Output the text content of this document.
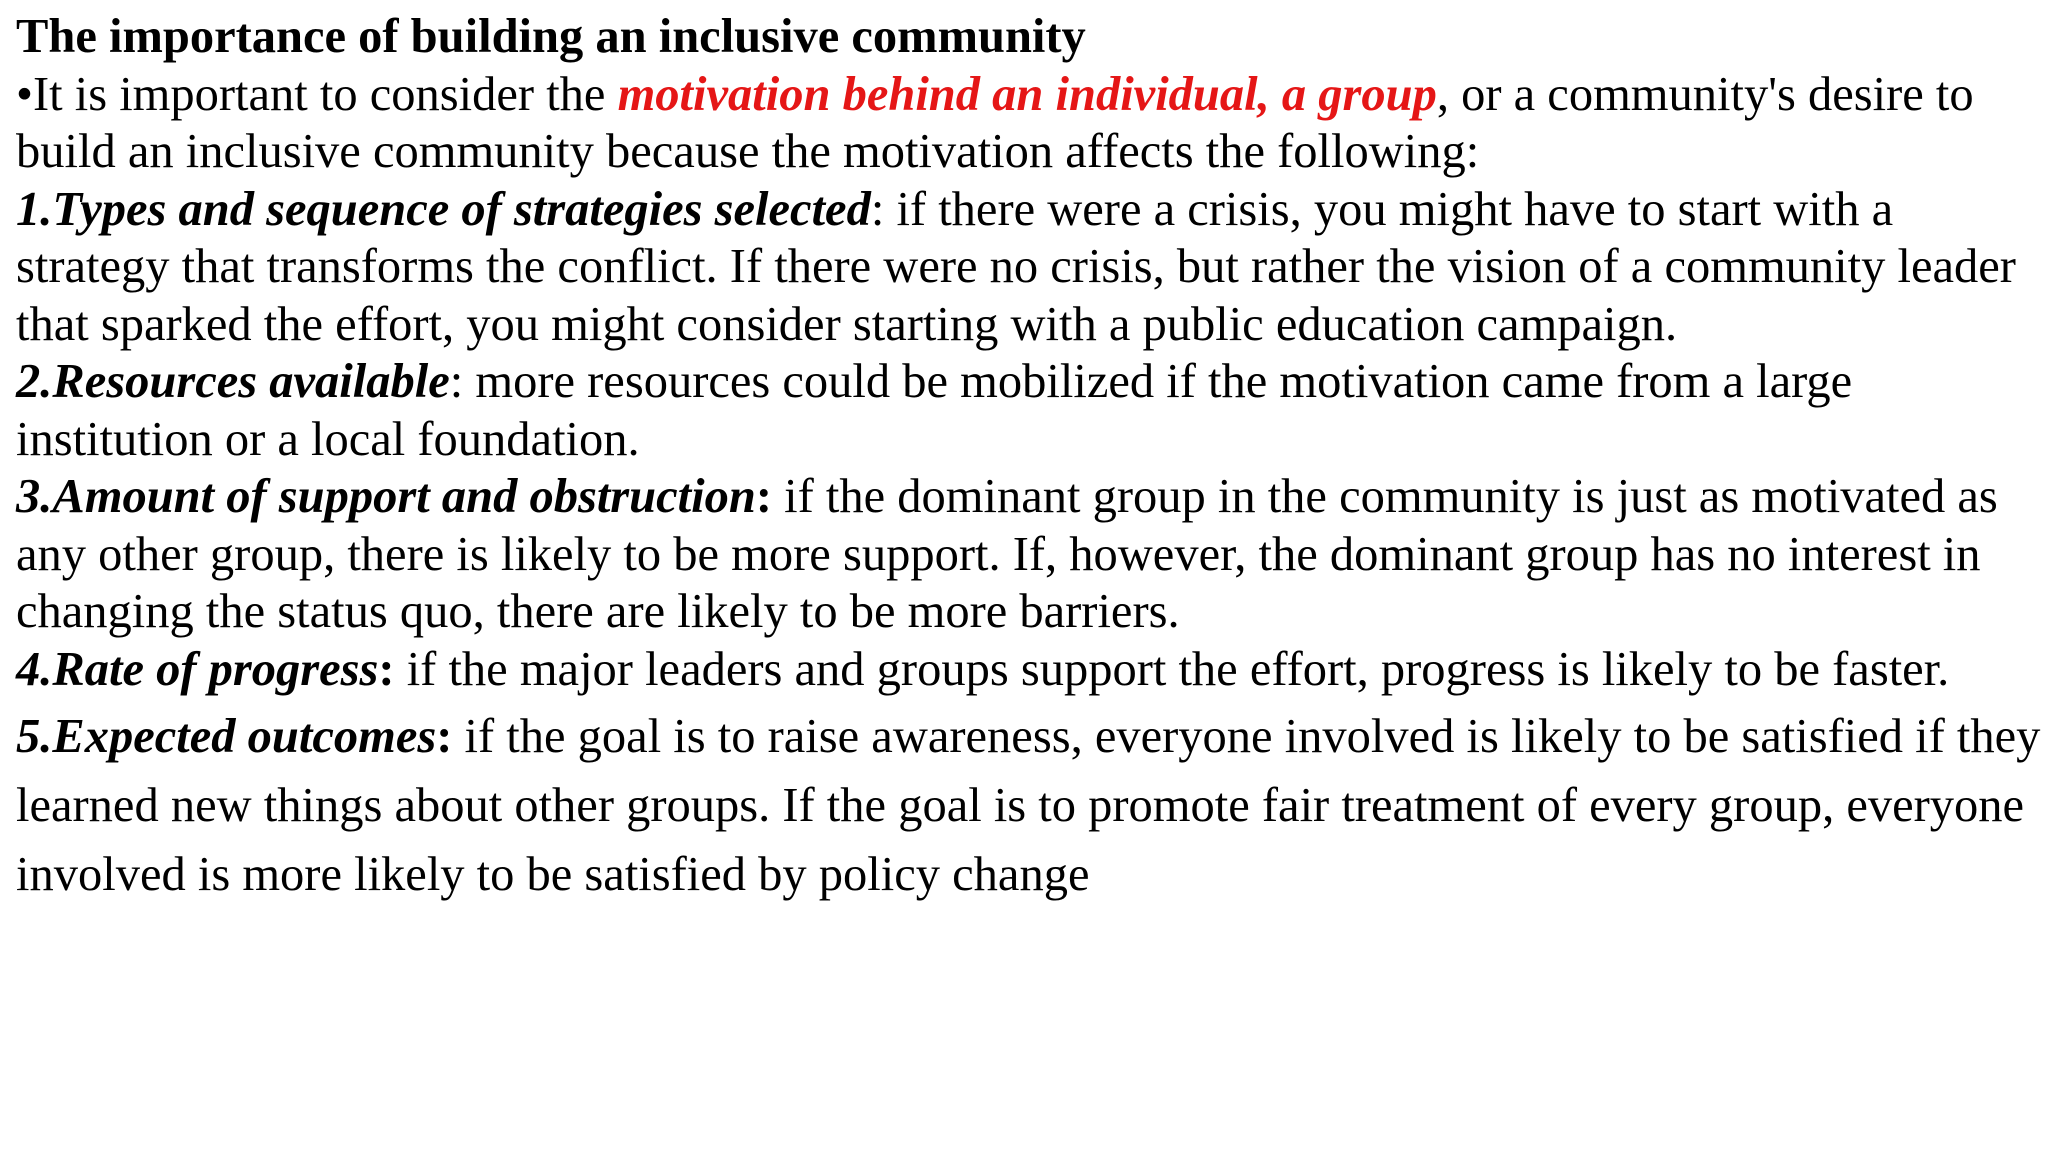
The importance of building an inclusive community

•It is important to consider the motivation behind an individual, a group, or a community's desire to build an inclusive community because the motivation affects the following:

1.Types and sequence of strategies selected: if there were a crisis, you might have to start with a strategy that transforms the conflict. If there were no crisis, but rather the vision of a community leader that sparked the effort, you might consider starting with a public education campaign.

2.Resources available: more resources could be mobilized if the motivation came from a large institution or a local foundation.

3.Amount of support and obstruction: if the dominant group in the community is just as motivated as any other group, there is likely to be more support. If, however, the dominant group has no interest in changing the status quo, there are likely to be more barriers.

4.Rate of progress: if the major leaders and groups support the effort, progress is likely to be faster.

5.Expected outcomes: if the goal is to raise awareness, everyone involved is likely to be satisfied if they learned new things about other groups. If the goal is to promote fair treatment of every group, everyone involved is more likely to be satisfied by policy change
